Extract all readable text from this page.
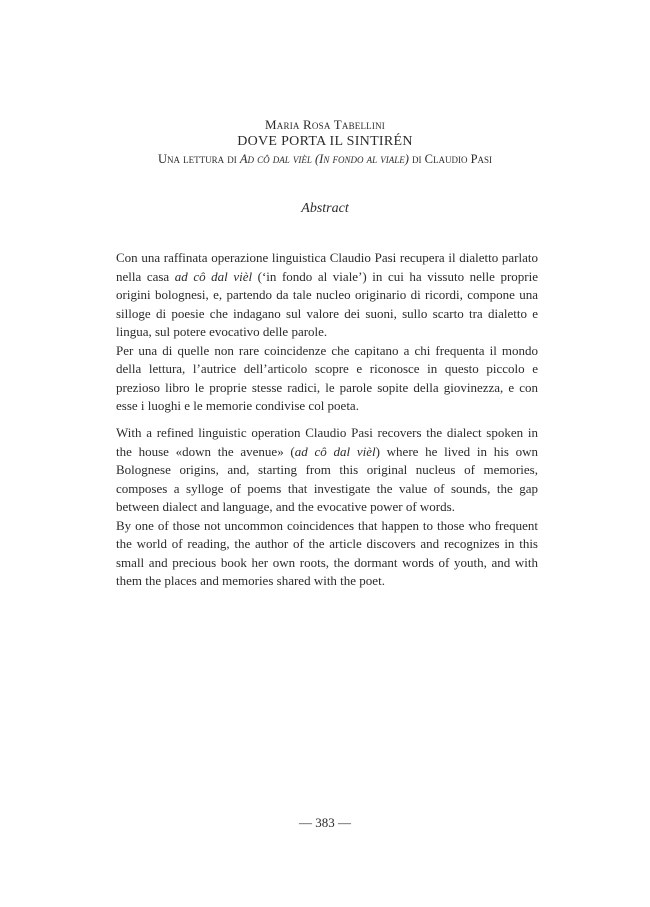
Maria Rosa Tabellini
DOVE PORTA IL SINTIRÉN
Una lettura di Ad cô dal vièl (In fondo al viale) di Claudio Pasi
Abstract

Con una raffinata operazione linguistica Claudio Pasi recupera il dialetto parlato nella casa ad cô dal vièl (‘in fondo al viale’) in cui ha vissuto nelle proprie origini bolognesi, e, partendo da tale nucleo originario di ricordi, compone una silloge di poesie che indagano sul valore dei suoni, sullo scarto tra dialetto e lingua, sul potere evocativo delle parole.

Per una di quelle non rare coincidenze che capitano a chi frequenta il mondo della lettura, l’autrice dell’articolo scopre e riconosce in questo piccolo e prezioso libro le proprie stesse radici, le parole sopite della giovinezza, e con esse i luoghi e le memorie condivise col poeta.

With a refined linguistic operation Claudio Pasi recovers the dialect spoken in the house «down the avenue» (ad cô dal vièl) where he lived in his own Bolognese origins, and, starting from this original nucleus of memories, composes a sylloge of poems that investigate the value of sounds, the gap between dialect and language, and the evocative power of words.

By one of those not uncommon coincidences that happen to those who frequent the world of reading, the author of the article discovers and recognizes in this small and precious book her own roots, the dormant words of youth, and with them the places and memories shared with the poet.

— 383 —
